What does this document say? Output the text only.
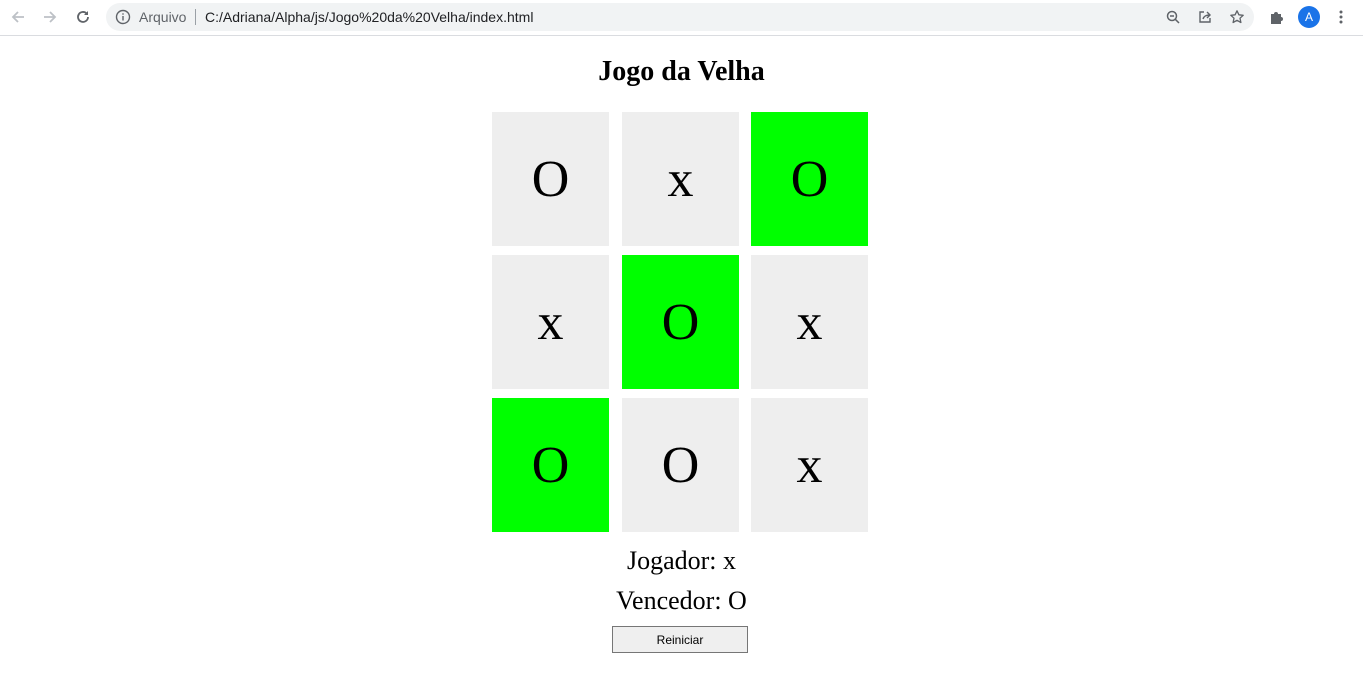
Arquivo C:/Adriana/Alpha/js/Jogo%20da%20Velha/index.html	A
Jogo da Velha
O	x	O
x	O	x
O	O	x
Jogador: x
Vencedor: O
Reiniciar
